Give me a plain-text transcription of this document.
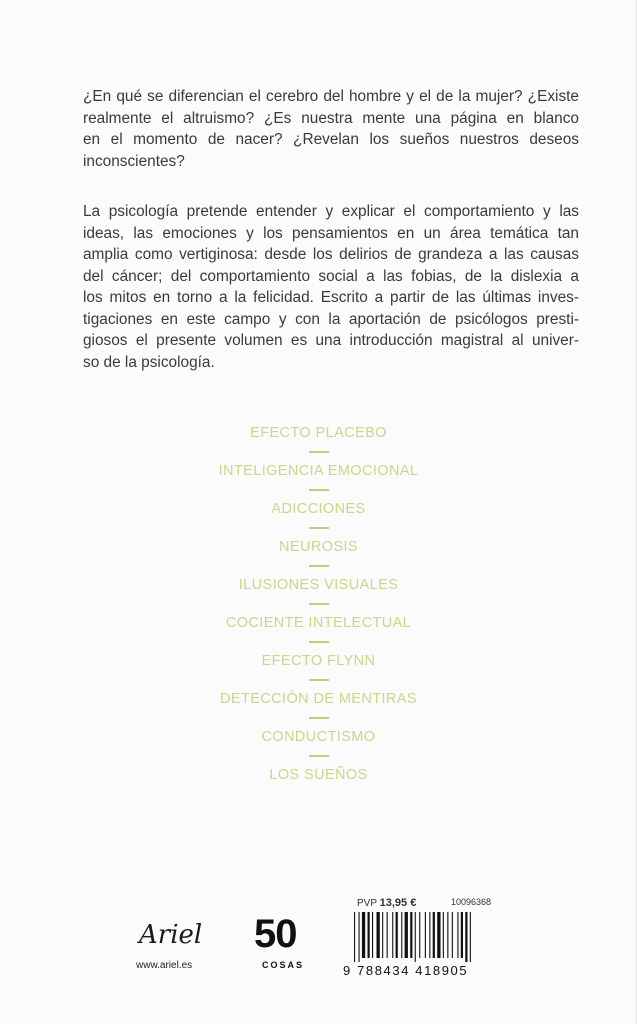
¿En qué se diferencian el cerebro del hombre y el de la mujer? ¿Existe
realmente el altruismo? ¿Es nuestra mente una página en blanco
en el momento de nacer? ¿Revelan los sueños nuestros deseos
inconscientes?
La psicología pretende entender y explicar el comportamiento y las
ideas, las emociones y los pensamientos en un área temática tan
amplia como vertiginosa: desde los delirios de grandeza a las causas
del cáncer; del comportamiento social a las fobias, de la dislexia a
los mitos en torno a la felicidad. Escrito a partir de las últimas inves-
tigaciones en este campo y con la aportación de psicólogos presti-
giosos el presente volumen es una introducción magistral al univer-
so de la psicología.
EFECTO PLACEBO
INTELIGENCIA EMOCIONAL
ADICCIONES
NEUROSIS
ILUSIONES VISUALES
COCIENTE INTELECTUAL
EFECTO FLYNN
DETECCIÓN DE MENTIRAS
CONDUCTISMO
LOS SUEÑOS
Ariel
www.ariel.es
50
COSAS
PVP 13,95 €	10096368
9 788434 418905
